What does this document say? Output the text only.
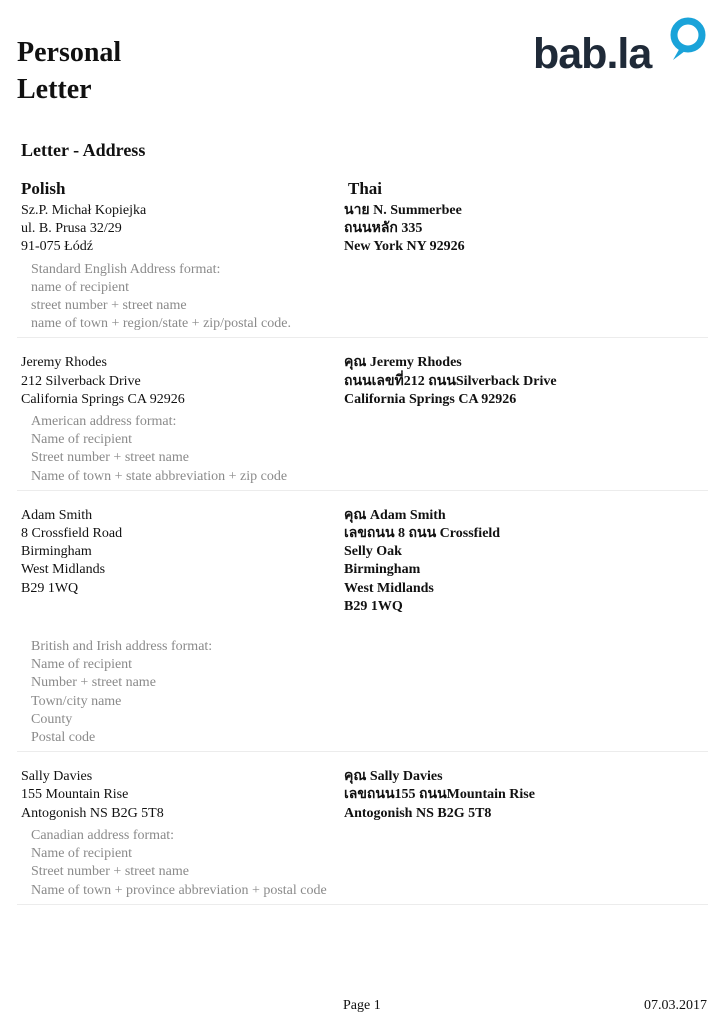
Personal
Letter
bab.la
Letter - Address
Polish	Thai
Sz.P. Michał Kopiejka
ul. B. Prusa 32/29
91-075 Łódź
นาย N. Summerbee
ถนนหลัก 335
New York NY 92926
Standard English Address format:
name of recipient
street number + street name
name of town + region/state + zip/postal code.
Jeremy Rhodes
212 Silverback Drive
California Springs CA 92926
คุณ Jeremy Rhodes
ถนนเลขที่212 ถนนSilverback Drive
California Springs CA 92926
American address format:
Name of recipient
Street number + street name
Name of town + state abbreviation + zip code
Adam Smith
8 Crossfield Road
Birmingham
West Midlands
B29 1WQ
คุณ Adam Smith
เลขถนน 8 ถนน Crossfield
Selly Oak
Birmingham
West Midlands
B29 1WQ
British and Irish address format:
Name of recipient
Number + street name
Town/city name
County
Postal code
Sally Davies
155 Mountain Rise
Antogonish NS B2G 5T8
คุณ Sally Davies
เลขถนน155 ถนนMountain Rise
Antogonish NS B2G 5T8
Canadian address format:
Name of recipient
Street number + street name
Name of town + province abbreviation + postal code
Page 1	07.03.2017
